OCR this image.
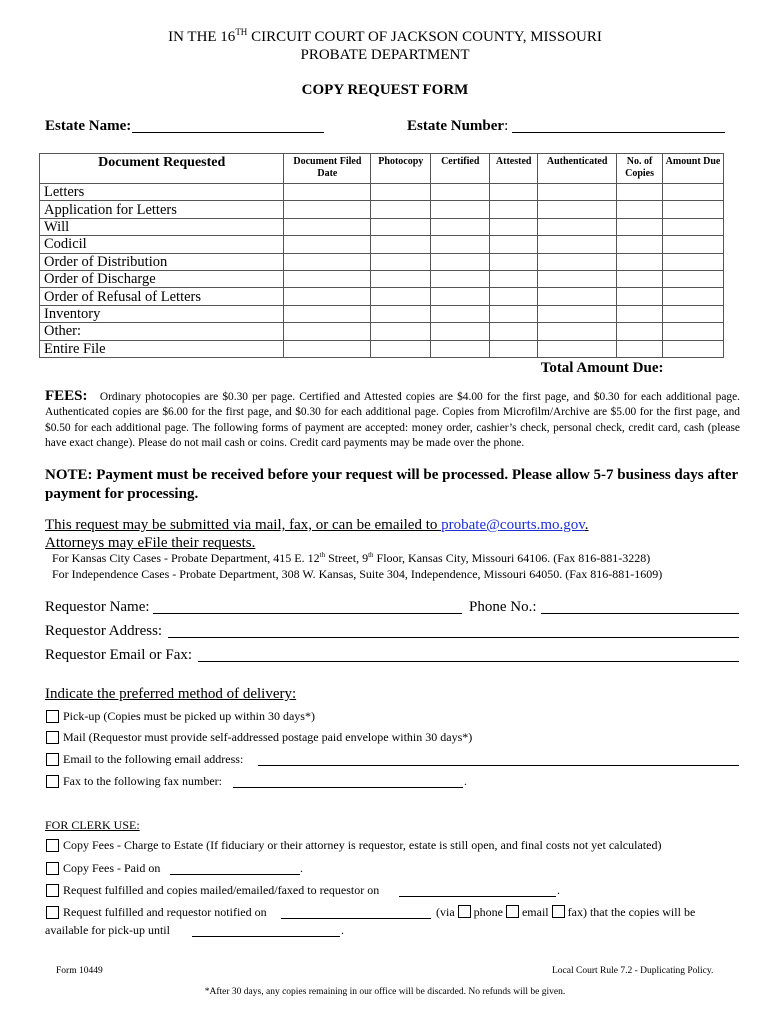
IN THE 16TH CIRCUIT COURT OF JACKSON COUNTY, MISSOURI
PROBATE DEPARTMENT
COPY REQUEST FORM
Estate Name:	Estate Number:
Document Requested	Document Filed Date	Photocopy	Certified	Attested	Authenticated	No. of Copies	Amount Due
Letters							
Application for Letters							
Will							
Codicil							
Order of Distribution							
Order of Discharge							
Order of Refusal of Letters							
Inventory							
Other:							
Entire File							
Total Amount Due:							
FEES: Ordinary photocopies are $0.30 per page. Certified and Attested copies are $4.00 for the first page, and $0.30 for each additional page. Authenticated copies are $6.00 for the first page, and $0.30 for each additional page. Copies from Microfilm/Archive are $5.00 for the first page, and $0.50 for each additional page. The following forms of payment are accepted: money order, cashier’s check, personal check, credit card, cash (please have exact change). Please do not mail cash or coins. Credit card payments may be made over the phone.
NOTE: Payment must be received before your request will be processed. Please allow 5-7 business days after payment for processing.
This request may be submitted via mail, fax, or can be emailed to probate@courts.mo.gov.
Attorneys may eFile their requests.
For Kansas City Cases - Probate Department, 415 E. 12th Street, 9th Floor, Kansas City, Missouri 64106. (Fax 816-881-3228)
For Independence Cases - Probate Department, 308 W. Kansas, Suite 304, Independence, Missouri 64050. (Fax 816-881-1609)
Requestor Name:	Phone No.:
Requestor Address:
Requestor Email or Fax:
Indicate the preferred method of delivery:
Pick-up (Copies must be picked up within 30 days*)
Mail (Requestor must provide self-addressed postage paid envelope within 30 days*)
Email to the following email address:
Fax to the following fax number:	.
FOR CLERK USE:
Copy Fees - Charge to Estate (If fiduciary or their attorney is requestor, estate is still open, and final costs not yet calculated)
Copy Fees - Paid on	.
Request fulfilled and copies mailed/emailed/faxed to requestor on	.
Request fulfilled and requestor notified on	(via phone email fax) that the copies will be
available for pick-up until	.
Form 10449	Local Court Rule 7.2 - Duplicating Policy.
*After 30 days, any copies remaining in our office will be discarded. No refunds will be given.
